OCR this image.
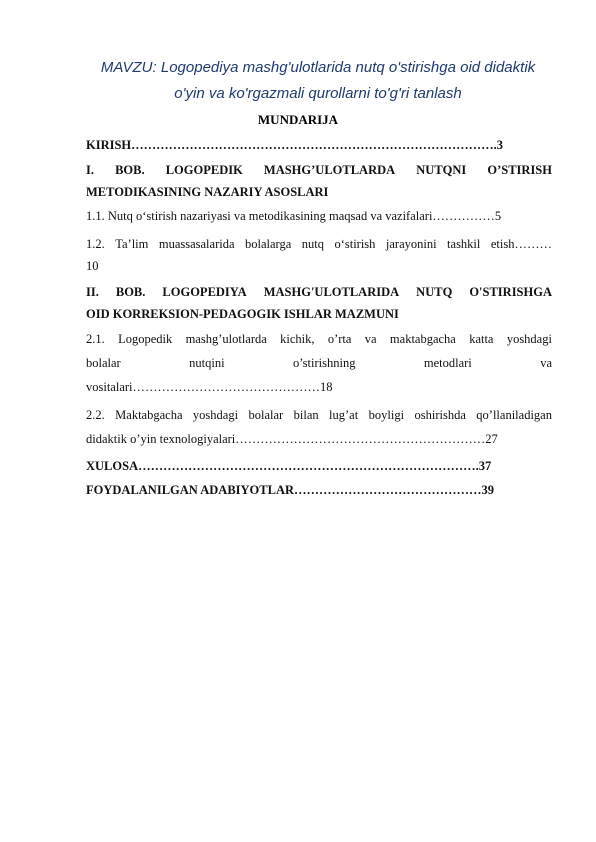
MAVZU: Logopediya mashg'ulotlarida nutq o'stirishga oid didaktik
o'yin va ko'rgazmali qurollarni to'g'ri tanlash
MUNDARIJA
KIRISH…………………………………………………………………………….3
I. BOB. LOGOPEDIK MASHG’ULOTLARDA NUTQNI O’STIRISH
METODIKASINING NAZARIY ASOSLARI
1.1. Nutq o‘stirish nazariyasi va metodikasining maqsad va vazifalari……………5
1.2. Ta’lim muassasalarida bolalarga nutq o‘stirish jarayonini tashkil etish………
10
II. BOB. LOGOPEDIYA MASHG'ULOTLARIDA NUTQ O'STIRISHGA
OID KORREKSION-PEDAGOGIK ISHLAR MAZMUNI
2.1. Logopedik mashg’ulotlarda kichik, o’rta va maktabgacha katta yoshdagi
bolalar	nutqini	o’stirishning	metodlari	va
vositalari………………………………………18
2.2. Maktabgacha yoshdagi bolalar bilan lug’at boyligi oshirishda qo’llaniladigan
didaktik o’yin texnologiyalari……………………………………………………27
XULOSA……………………………………………………………………….37
FOYDALANILGAN ADABIYOTLAR………………………………………39
